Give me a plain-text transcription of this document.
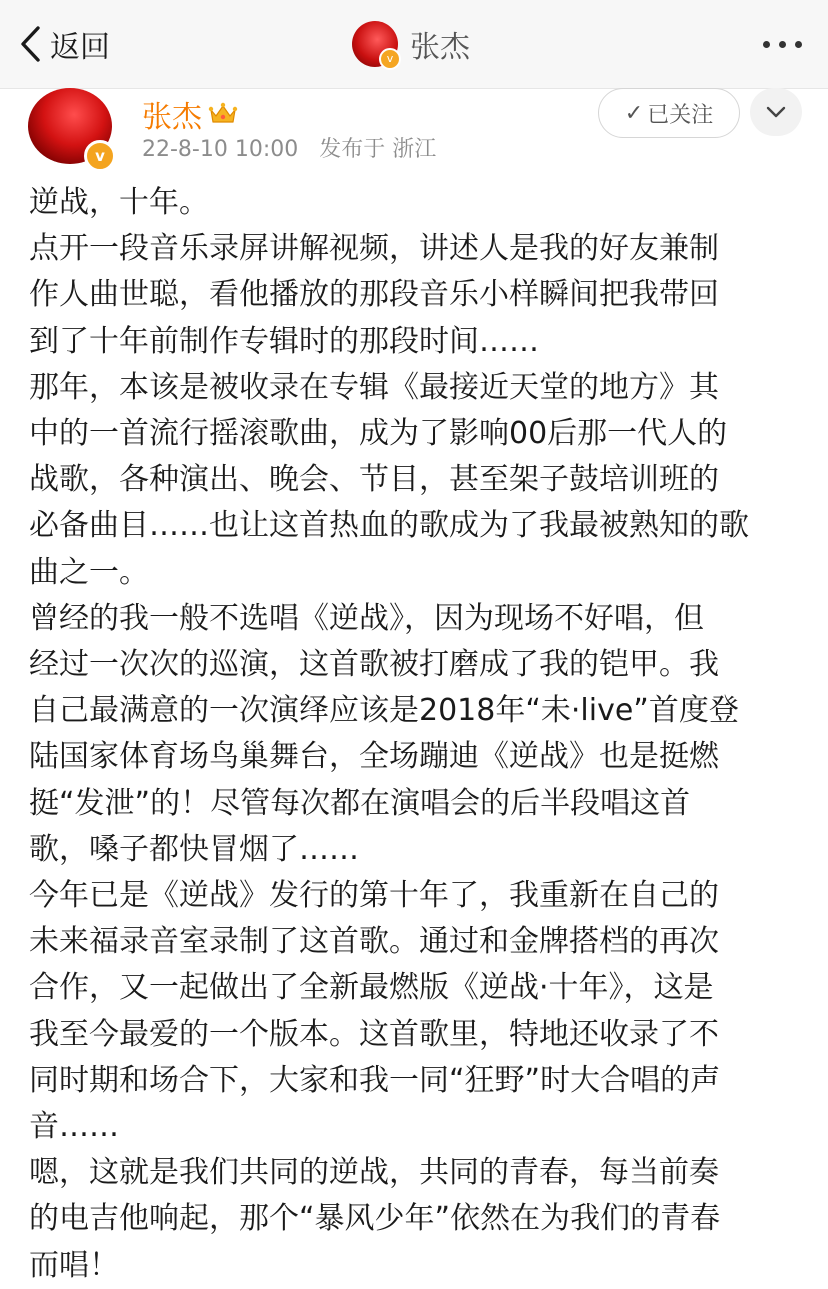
返回	v 张杰
v
张杰
22-8-10 10:00 发布于 浙江
✓ 已关注

逆战，十年。

点开一段音乐录屏讲解视频，讲述人是我的好友兼制
作人曲世聪，看他播放的那段音乐小样瞬间把我带回
到了十年前制作专辑时的那段时间……

那年，本该是被收录在专辑《最接近天堂的地方》其
中的一首流行摇滚歌曲，成为了影响00后那一代人的
战歌，各种演出、晚会、节目，甚至架子鼓培训班的
必备曲目……也让这首热血的歌成为了我最被熟知的歌
曲之一。

曾经的我一般不选唱《逆战》，因为现场不好唱，但
经过一次次的巡演，这首歌被打磨成了我的铠甲。我
自己最满意的一次演绎应该是2018年“未·live”首度登
陆国家体育场鸟巢舞台，全场蹦迪《逆战》也是挺燃
挺“发泄”的！尽管每次都在演唱会的后半段唱这首
歌，嗓子都快冒烟了……

今年已是《逆战》发行的第十年了，我重新在自己的
未来福录音室录制了这首歌。通过和金牌搭档的再次
合作，又一起做出了全新最燃版《逆战·十年》，这是
我至今最爱的一个版本。这首歌里，特地还收录了不
同时期和场合下，大家和我一同“狂野”时大合唱的声
音……

嗯，这就是我们共同的逆战，共同的青春，每当前奏
的电吉他响起，那个“暴风少年”依然在为我们的青春
而唱！
